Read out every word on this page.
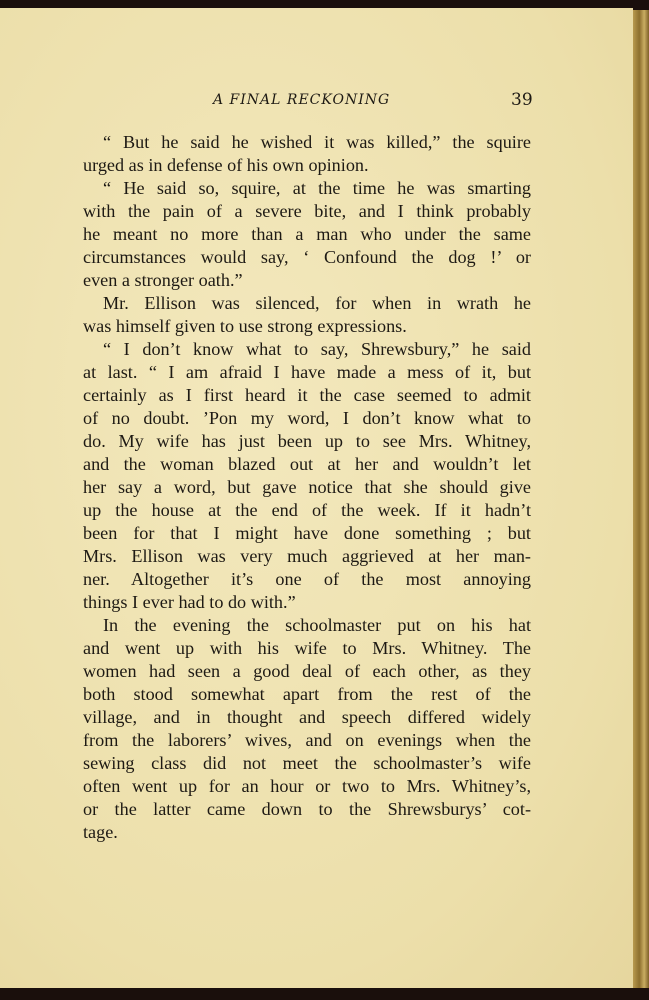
A FINAL RECKONING	39
“ But he said he wished it was killed,” the squire
urged as in defense of his own opinion.
“ He said so, squire, at the time he was smarting
with the pain of a severe bite, and I think probably
he meant no more than a man who under the same
circumstances would say, ‘ Confound the dog !’ or
even a stronger oath.”
Mr. Ellison was silenced, for when in wrath he
was himself given to use strong expressions.
“ I don’t know what to say, Shrewsbury,” he said
at last. “ I am afraid I have made a mess of it, but
certainly as I first heard it the case seemed to admit
of no doubt. ’Pon my word, I don’t know what to
do. My wife has just been up to see Mrs. Whitney,
and the woman blazed out at her and wouldn’t let
her say a word, but gave notice that she should give
up the house at the end of the week. If it hadn’t
been for that I might have done something ; but
Mrs. Ellison was very much aggrieved at her man-
ner. Altogether it’s one of the most annoying
things I ever had to do with.”
In the evening the schoolmaster put on his hat
and went up with his wife to Mrs. Whitney. The
women had seen a good deal of each other, as they
both stood somewhat apart from the rest of the
village, and in thought and speech differed widely
from the laborers’ wives, and on evenings when the
sewing class did not meet the schoolmaster’s wife
often went up for an hour or two to Mrs. Whitney’s,
or the latter came down to the Shrewsburys’ cot-
tage.
